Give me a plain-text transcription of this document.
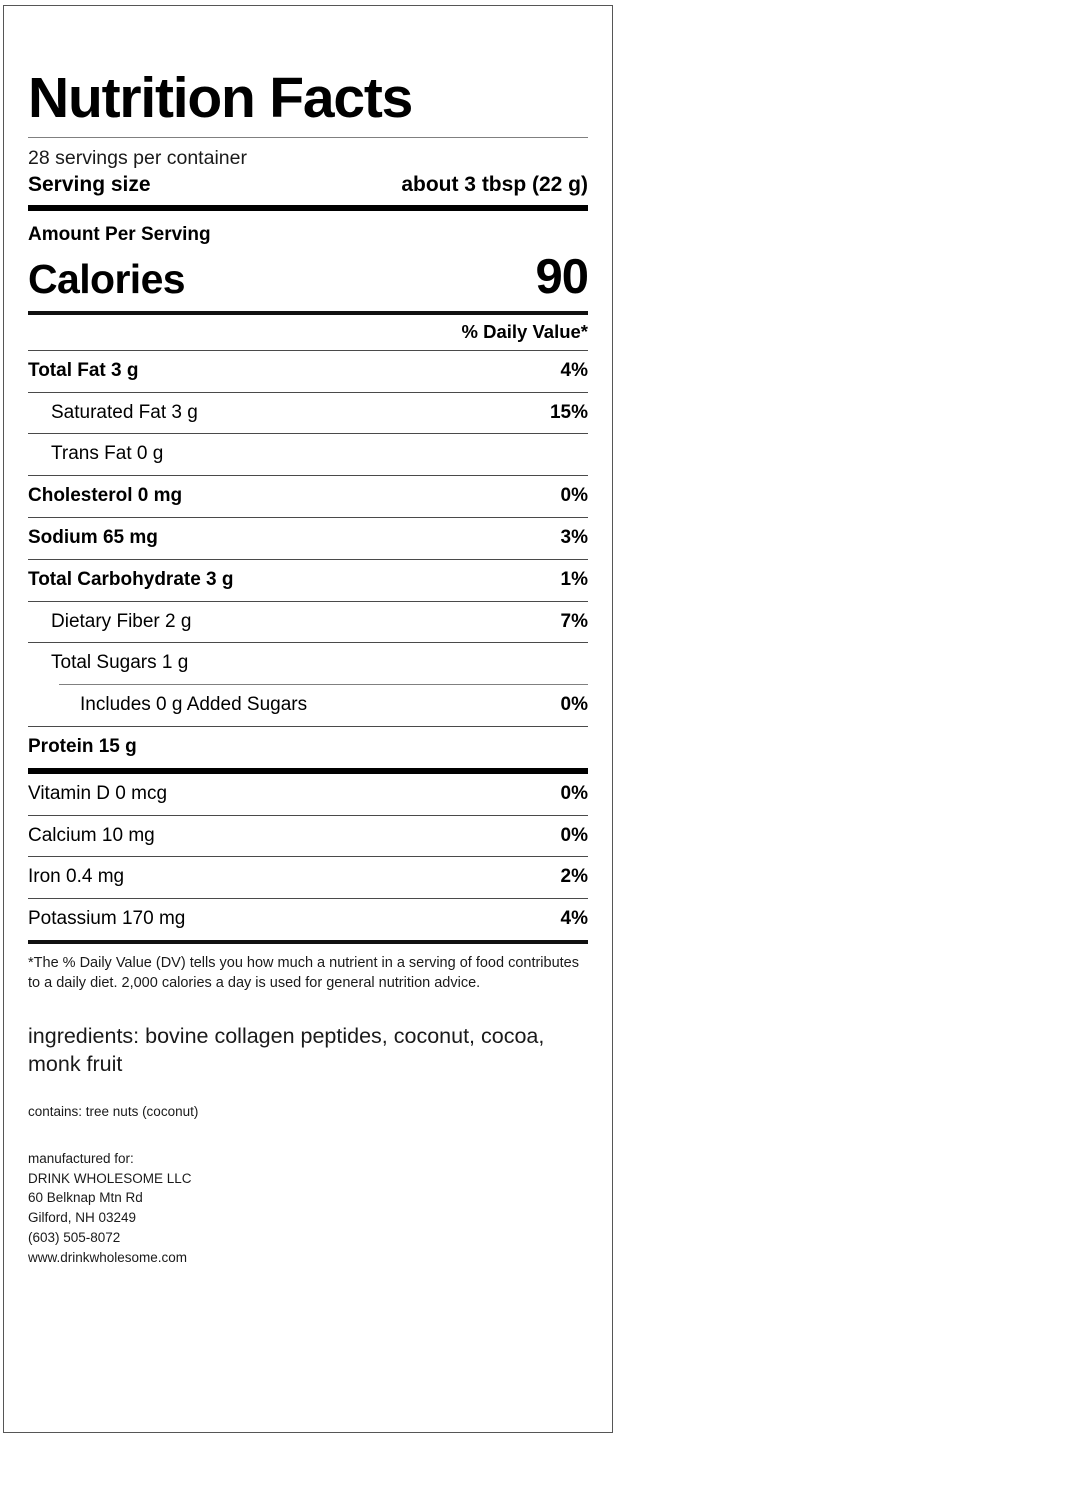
Nutrition Facts
28 servings per container
Serving size	about 3 tbsp (22 g)
Amount Per Serving
Calories	90
% Daily Value*
Total Fat 3 g	4%
Saturated Fat 3 g	15%
Trans Fat 0 g
Cholesterol 0 mg	0%
Sodium 65 mg	3%
Total Carbohydrate 3 g	1%
Dietary Fiber 2 g	7%
Total Sugars 1 g
Includes 0 g Added Sugars	0%
Protein 15 g
Vitamin D 0 mcg	0%
Calcium 10 mg	0%
Iron 0.4 mg	2%
Potassium 170 mg	4%
*The % Daily Value (DV) tells you how much a nutrient in a serving of food contributes to a daily diet. 2,000 calories a day is used for general nutrition advice.
ingredients: bovine collagen peptides, coconut, cocoa, monk fruit
contains: tree nuts (coconut)
manufactured for:
DRINK WHOLESOME LLC
60 Belknap Mtn Rd
Gilford, NH 03249
(603) 505-8072
www.drinkwholesome.com
